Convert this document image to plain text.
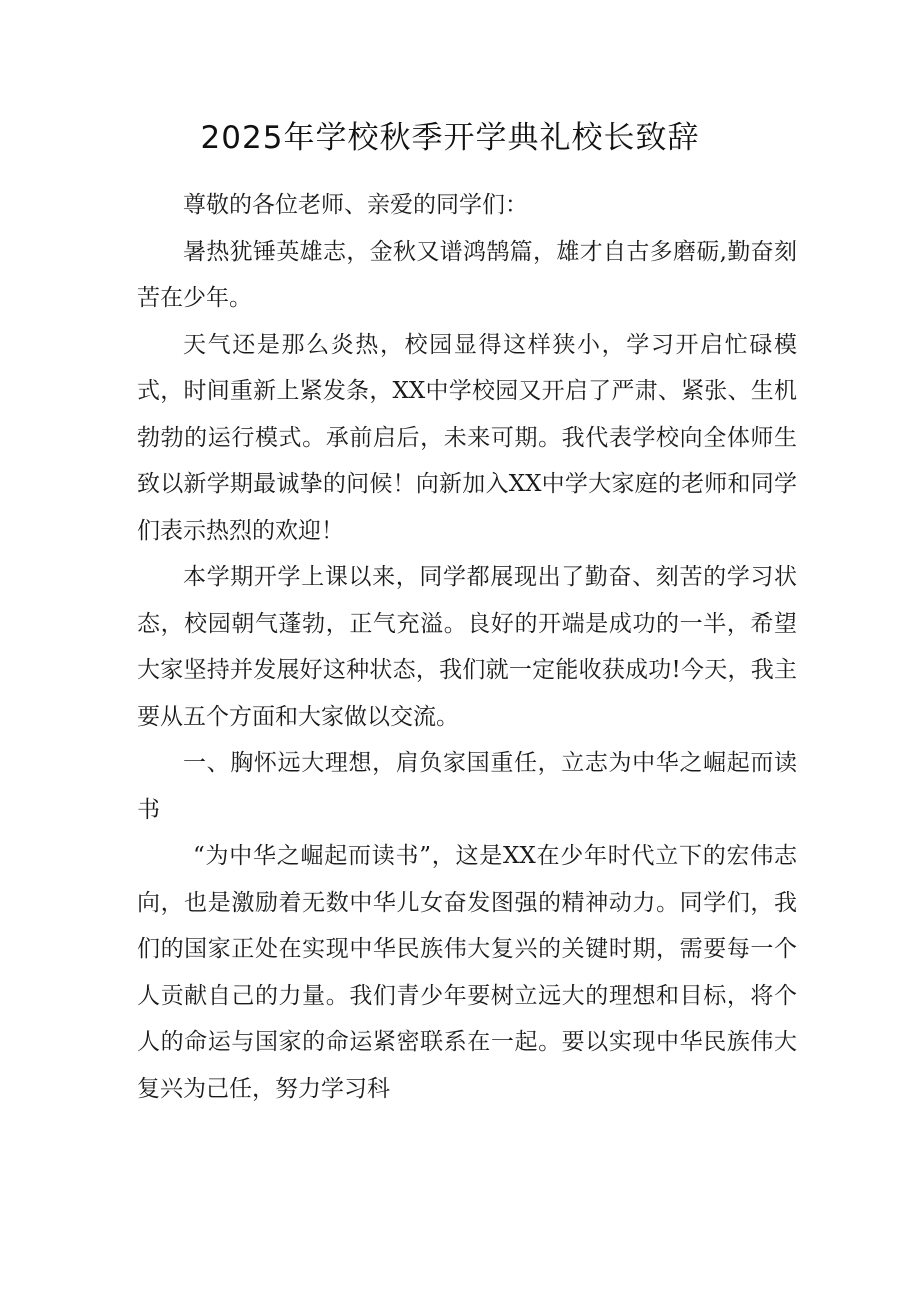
2025年学校秋季开学典礼校长致辞

尊敬的各位老师、亲爱的同学们：

暑热犹锤英雄志，金秋又谱鸿鹄篇，雄才自古多磨砺,勤奋刻苦在少年。

天气还是那么炎热，校园显得这样狭小，学习开启忙碌模式，时间重新上紧发条，XX中学校园又开启了严肃、紧张、生机勃勃的运行模式。承前启后，未来可期。我代表学校向全体师生致以新学期最诚挚的问候！向新加入XX中学大家庭的老师和同学们表示热烈的欢迎！

本学期开学上课以来，同学都展现出了勤奋、刻苦的学习状态，校园朝气蓬勃，正气充溢。良好的开端是成功的一半，希望大家坚持并发展好这种状态，我们就一定能收获成功!今天，我主要从五个方面和大家做以交流。

一、胸怀远大理想，肩负家国重任，立志为中华之崛起而读书

“为中华之崛起而读书”，这是XX在少年时代立下的宏伟志向，也是激励着无数中华儿女奋发图强的精神动力。同学们，我们的国家正处在实现中华民族伟大复兴的关键时期，需要每一个人贡献自己的力量。我们青少年要树立远大的理想和目标，将个人的命运与国家的命运紧密联系在一起。要以实现中华民族伟大复兴为己任，努力学习科
